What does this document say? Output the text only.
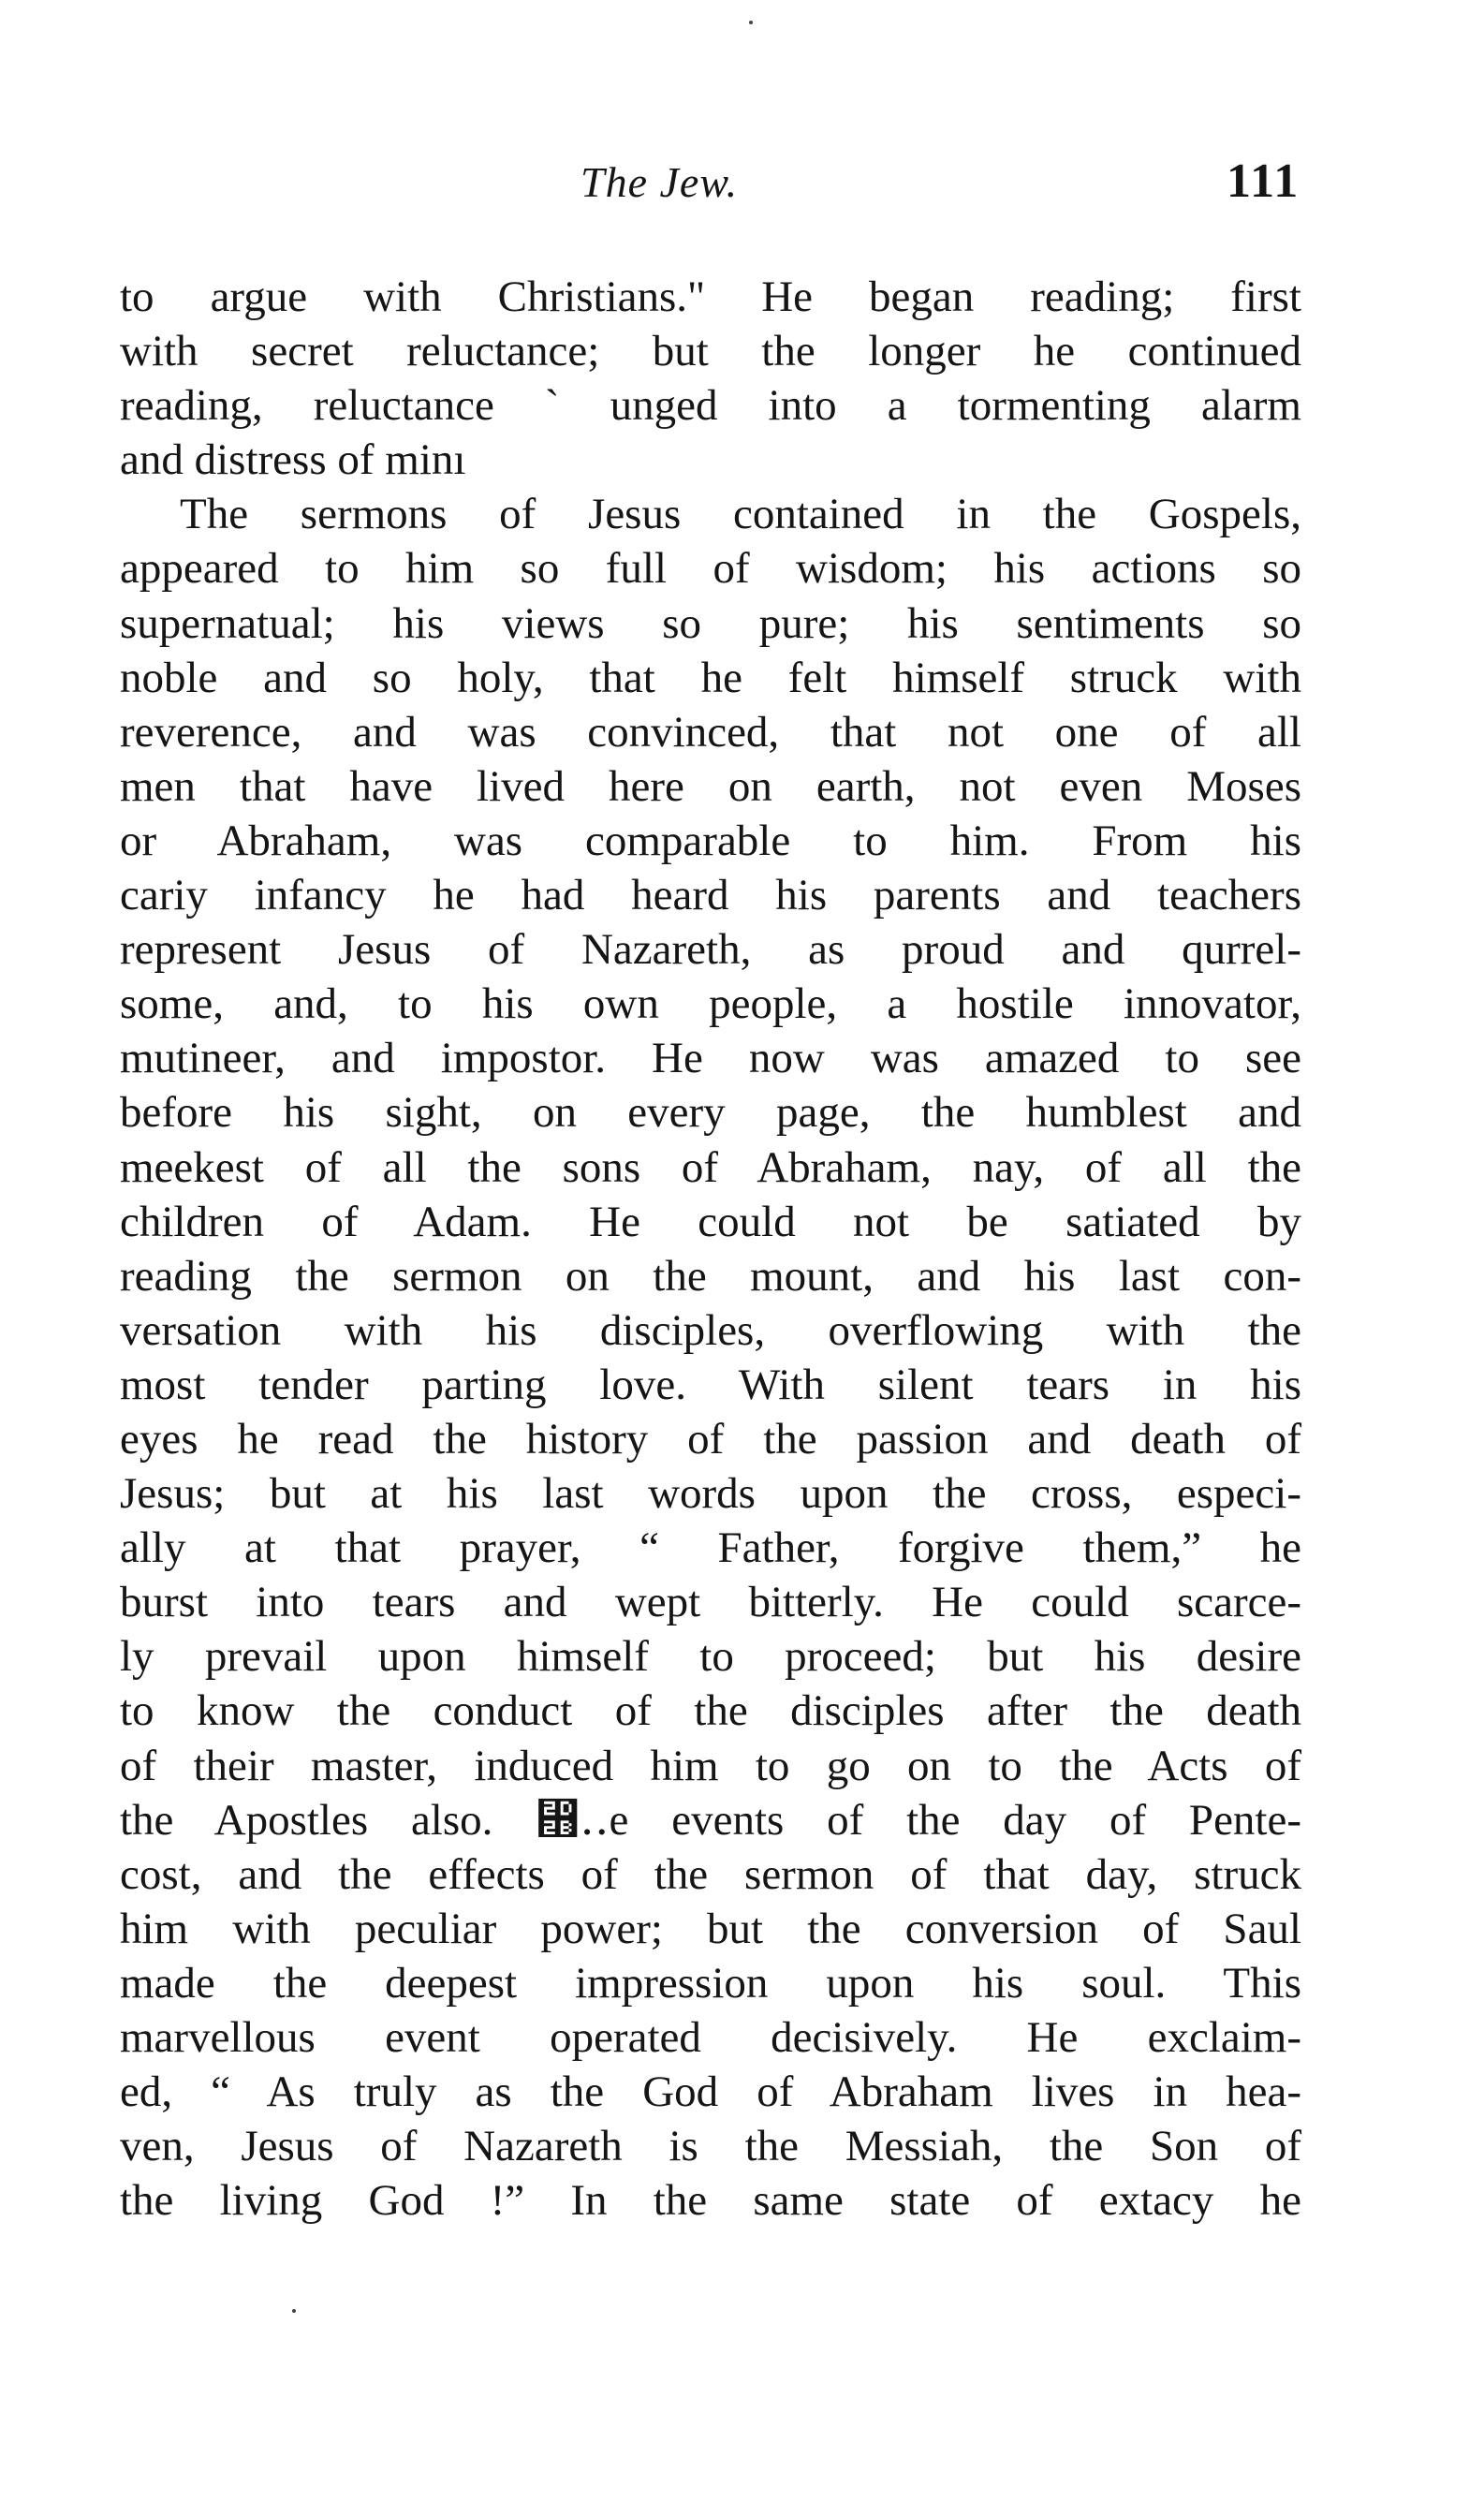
The Jew.	111
to argue with Christians." He began reading; first
with secret reluctance; but the longer he continued
reading, reluctance ` unged into a tormenting alarm
and distress of minı
The sermons of Jesus contained in the Gospels,
appeared to him so full of wisdom; his actions so
supernatual; his views so pure; his sentiments so
noble and so holy, that he felt himself struck with
reverence, and was convinced, that not one of all
men that have lived here on earth, not even Moses
or Abraham, was comparable to him. From his
cariy infancy he had heard his parents and teachers
represent Jesus of Nazareth, as proud and qurrel-
some, and, to his own people, a hostile innovator,
mutineer, and impostor. He now was amazed to see
before his sight, on every page, the humblest and
meekest of all the sons of Abraham, nay, of all the
children of Adam. He could not be satiated by
reading the sermon on the mount, and his last con-
versation with his disciples, overflowing with the
most tender parting love. With silent tears in his
eyes he read the history of the passion and death of
Jesus; but at his last words upon the cross, especi-
ally at that prayer, “ Father, forgive them,” he
burst into tears and wept bitterly. He could scarce-
ly prevail upon himself to proceed; but his desire
to know the conduct of the disciples after the death
of their master, induced him to go on to the Acts of
the Apostles also. ⴫‥e events of the day of Pente-
cost, and the effects of the sermon of that day, struck
him with peculiar power; but the conversion of Saul
made the deepest impression upon his soul. This
marvellous event operated decisively. He exclaim-
ed, “ As truly as the God of Abraham lives in hea-
ven, Jesus of Nazareth is the Messiah, the Son of
the living God !” In the same state of extacy he
